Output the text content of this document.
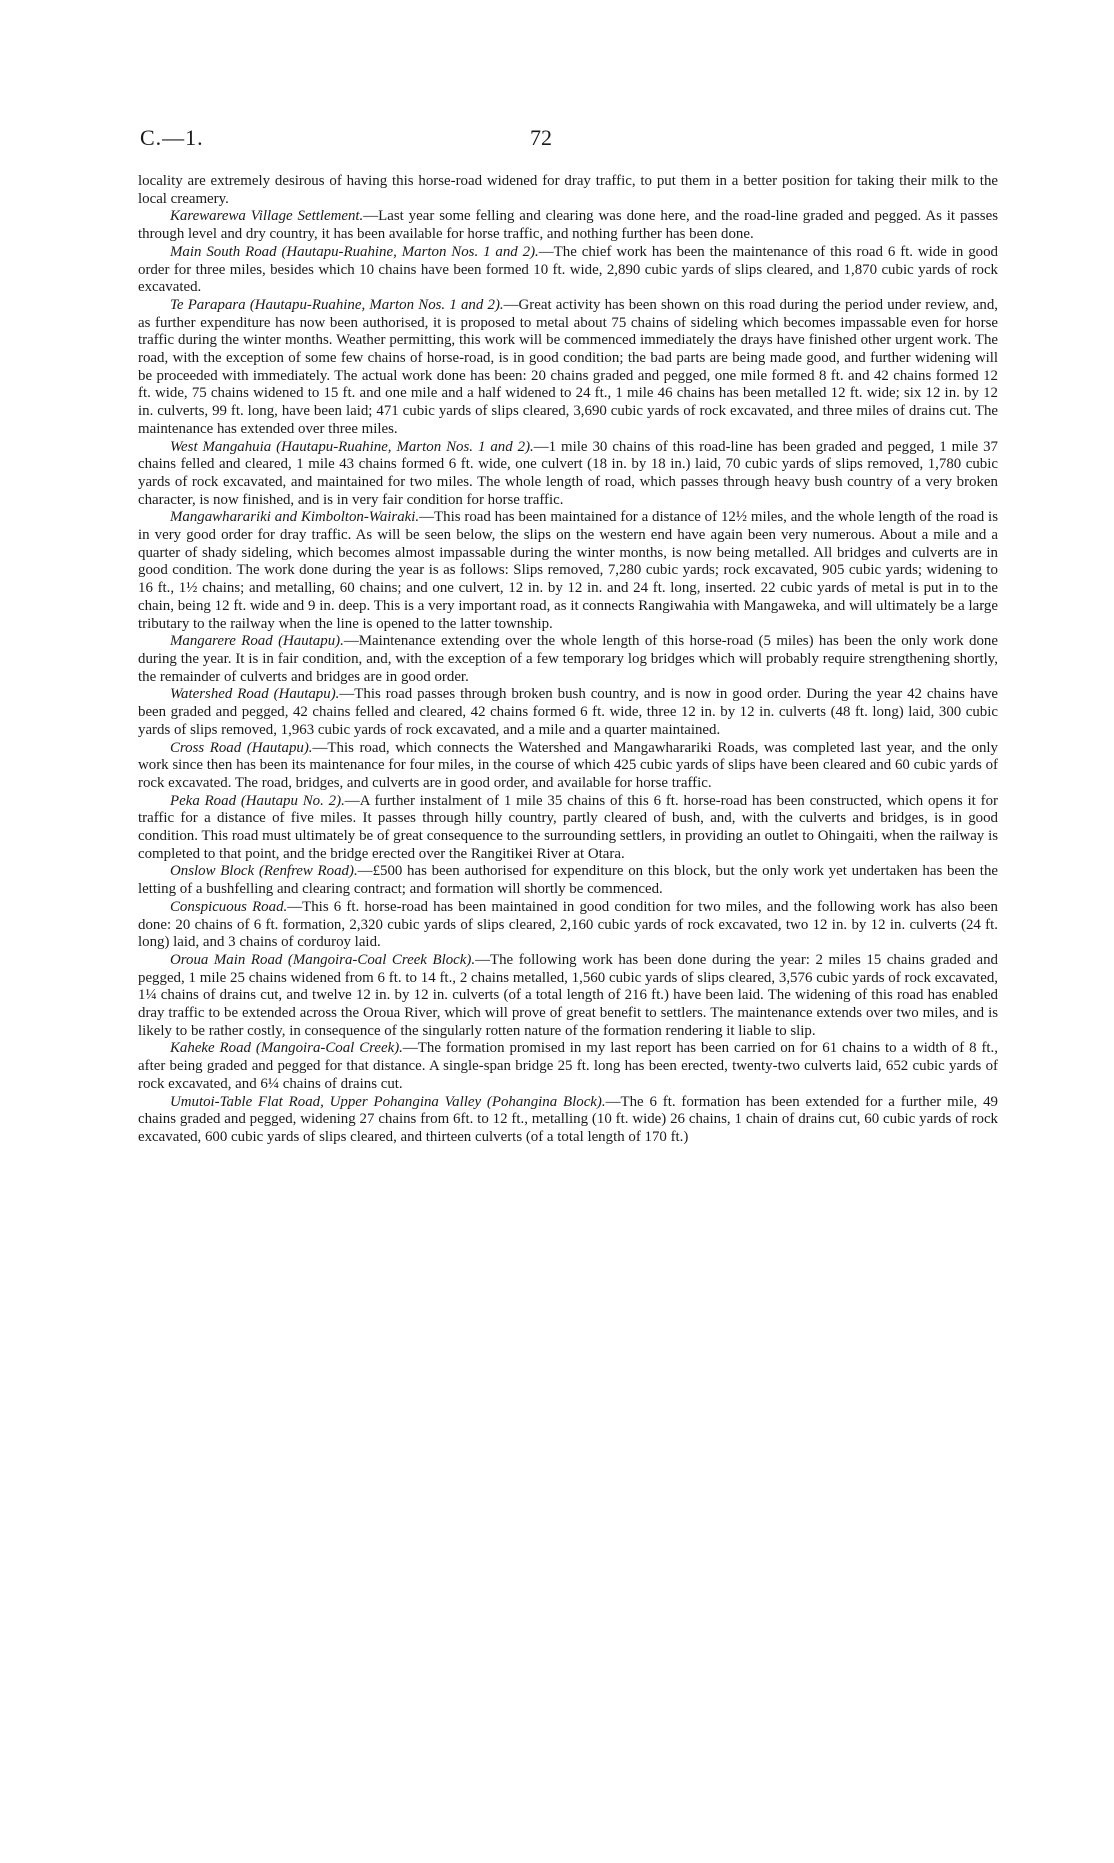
C.—1.	72

locality are extremely desirous of having this horse-road widened for dray traffic, to put them in a better position for taking their milk to the local creamery.

Karewarewa Village Settlement.—Last year some felling and clearing was done here, and the road-line graded and pegged. As it passes through level and dry country, it has been available for horse traffic, and nothing further has been done.

Main South Road (Hautapu-Ruahine, Marton Nos. 1 and 2).—The chief work has been the maintenance of this road 6 ft. wide in good order for three miles, besides which 10 chains have been formed 10 ft. wide, 2,890 cubic yards of slips cleared, and 1,870 cubic yards of rock excavated.

Te Parapara (Hautapu-Ruahine, Marton Nos. 1 and 2).—Great activity has been shown on this road during the period under review, and, as further expenditure has now been authorised, it is proposed to metal about 75 chains of sideling which becomes impassable even for horse traffic during the winter months. Weather permitting, this work will be commenced immediately the drays have finished other urgent work. The road, with the exception of some few chains of horse-road, is in good condition; the bad parts are being made good, and further widening will be proceeded with immediately. The actual work done has been: 20 chains graded and pegged, one mile formed 8 ft. and 42 chains formed 12 ft. wide, 75 chains widened to 15 ft. and one mile and a half widened to 24 ft., 1 mile 46 chains has been metalled 12 ft. wide; six 12 in. by 12 in. culverts, 99 ft. long, have been laid; 471 cubic yards of slips cleared, 3,690 cubic yards of rock excavated, and three miles of drains cut. The maintenance has extended over three miles.

West Mangahuia (Hautapu-Ruahine, Marton Nos. 1 and 2).—1 mile 30 chains of this road-line has been graded and pegged, 1 mile 37 chains felled and cleared, 1 mile 43 chains formed 6 ft. wide, one culvert (18 in. by 18 in.) laid, 70 cubic yards of slips removed, 1,780 cubic yards of rock excavated, and maintained for two miles. The whole length of road, which passes through heavy bush country of a very broken character, is now finished, and is in very fair condition for horse traffic.

Mangawharariki and Kimbolton-Wairaki.—This road has been maintained for a distance of 12½ miles, and the whole length of the road is in very good order for dray traffic. As will be seen below, the slips on the western end have again been very numerous. About a mile and a quarter of shady sideling, which becomes almost impassable during the winter months, is now being metalled. All bridges and culverts are in good condition. The work done during the year is as follows: Slips removed, 7,280 cubic yards; rock excavated, 905 cubic yards; widening to 16 ft., 1½ chains; and metalling, 60 chains; and one culvert, 12 in. by 12 in. and 24 ft. long, inserted. 22 cubic yards of metal is put in to the chain, being 12 ft. wide and 9 in. deep. This is a very important road, as it connects Rangiwahia with Mangaweka, and will ultimately be a large tributary to the railway when the line is opened to the latter township.

Mangarere Road (Hautapu).—Maintenance extending over the whole length of this horse-road (5 miles) has been the only work done during the year. It is in fair condition, and, with the exception of a few temporary log bridges which will probably require strengthening shortly, the remainder of culverts and bridges are in good order.

Watershed Road (Hautapu).—This road passes through broken bush country, and is now in good order. During the year 42 chains have been graded and pegged, 42 chains felled and cleared, 42 chains formed 6 ft. wide, three 12 in. by 12 in. culverts (48 ft. long) laid, 300 cubic yards of slips removed, 1,963 cubic yards of rock excavated, and a mile and a quarter maintained.

Cross Road (Hautapu).—This road, which connects the Watershed and Mangawharariki Roads, was completed last year, and the only work since then has been its maintenance for four miles, in the course of which 425 cubic yards of slips have been cleared and 60 cubic yards of rock excavated. The road, bridges, and culverts are in good order, and available for horse traffic.

Peka Road (Hautapu No. 2).—A further instalment of 1 mile 35 chains of this 6 ft. horse-road has been constructed, which opens it for traffic for a distance of five miles. It passes through hilly country, partly cleared of bush, and, with the culverts and bridges, is in good condition. This road must ultimately be of great consequence to the surrounding settlers, in providing an outlet to Ohingaiti, when the railway is completed to that point, and the bridge erected over the Rangitikei River at Otara.

Onslow Block (Renfrew Road).—£500 has been authorised for expenditure on this block, but the only work yet undertaken has been the letting of a bushfelling and clearing contract; and formation will shortly be commenced.

Conspicuous Road.—This 6 ft. horse-road has been maintained in good condition for two miles, and the following work has also been done: 20 chains of 6 ft. formation, 2,320 cubic yards of slips cleared, 2,160 cubic yards of rock excavated, two 12 in. by 12 in. culverts (24 ft. long) laid, and 3 chains of corduroy laid.

Oroua Main Road (Mangoira-Coal Creek Block).—The following work has been done during the year: 2 miles 15 chains graded and pegged, 1 mile 25 chains widened from 6 ft. to 14 ft., 2 chains metalled, 1,560 cubic yards of slips cleared, 3,576 cubic yards of rock excavated, 1¼ chains of drains cut, and twelve 12 in. by 12 in. culverts (of a total length of 216 ft.) have been laid. The widening of this road has enabled dray traffic to be extended across the Oroua River, which will prove of great benefit to settlers. The maintenance extends over two miles, and is likely to be rather costly, in consequence of the singularly rotten nature of the formation rendering it liable to slip.

Kaheke Road (Mangoira-Coal Creek).—The formation promised in my last report has been carried on for 61 chains to a width of 8 ft., after being graded and pegged for that distance. A single-span bridge 25 ft. long has been erected, twenty-two culverts laid, 652 cubic yards of rock excavated, and 6¼ chains of drains cut.

Umutoi-Table Flat Road, Upper Pohangina Valley (Pohangina Block).—The 6 ft. formation has been extended for a further mile, 49 chains graded and pegged, widening 27 chains from 6ft. to 12 ft., metalling (10 ft. wide) 26 chains, 1 chain of drains cut, 60 cubic yards of rock excavated, 600 cubic yards of slips cleared, and thirteen culverts (of a total length of 170 ft.)
